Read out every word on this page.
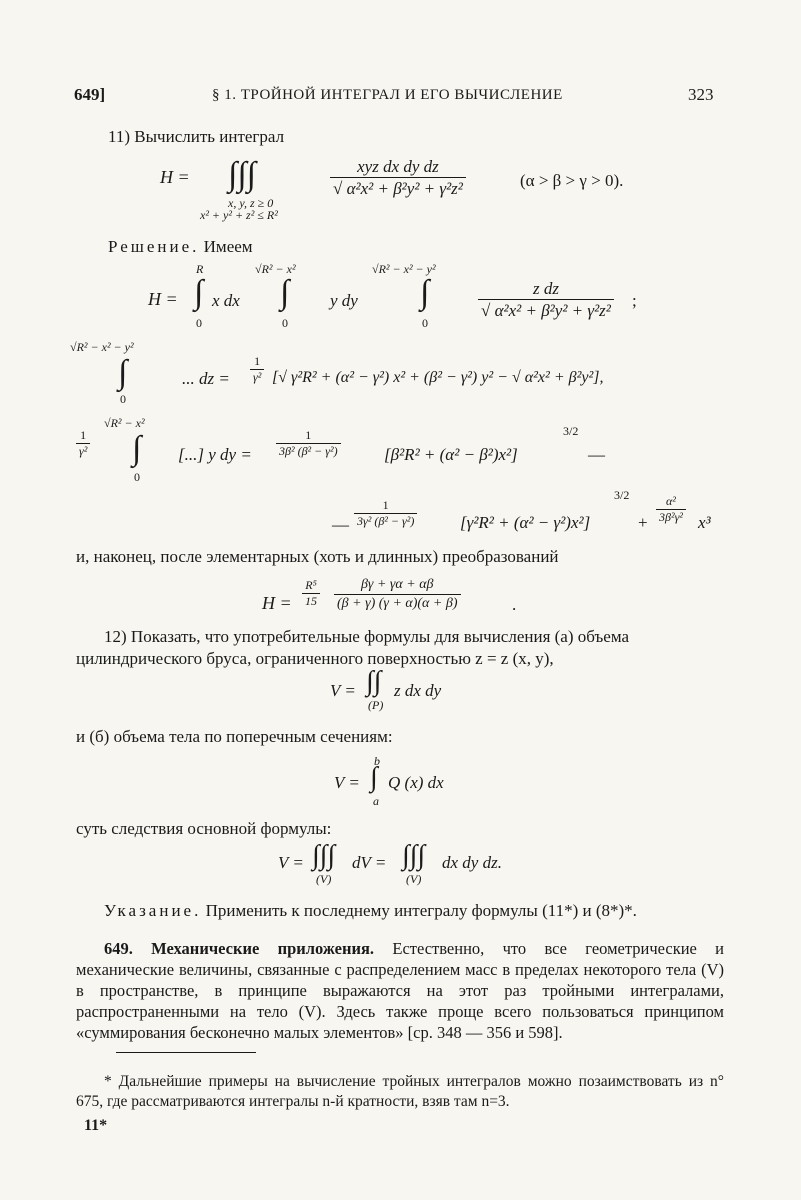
649]	§ 1. ТРОЙНОЙ ИНТЕГРАЛ И ЕГО ВЫЧИСЛЕНИЕ	323
11) Вычислить интеграл
H = ∫∫∫
x, y, z ≥ 0
x² + y² + z² ≤ R²
$\frac{\text{xyz dx dy dz}}{\text{√ α²x² + β²y² + γ²z²}}$	(α > β > γ > 0).
Решение. Имеем
H =
R
∫
0
x dx
√R² − x²
∫
0
y dy
√R² − x² − y²
∫
0
$\frac{\text{z dz}}{\text{√ α²x² + β²y² + γ²z²}}$ ;
√R² − x² − y²
∫
0
... dz = $\frac{1}{\text{γ²}}$ [√ γ²R² + (α² − γ²) x² + (β² − γ²) y² − √ α²x² + β²y²],
$\frac{1}{\text{γ²}}$
√R² − x²
∫
0
[...] y dy = $\frac{1}{\text{3β² (β² − γ²)}}$	[β²R² + (α² − β²)x²]
3/2
—
— $\frac{1}{\text{3γ² (β² − γ²)}}$	[γ²R² + (α² − γ²)x²]
3/2
+ $\frac{\text{α²}}{\text{3β²γ²}} x^3$
и, наконец, после элементарных (хоть и длинных) преобразований
$H = \frac{\text{R⁵}}{15} \frac{\beta\gamma + \gamma\alpha + \alpha\beta}{(\beta + \gamma) (\gamma + \alpha)(\alpha + \beta)}$	.
12) Показать, что употребительные формулы для вычисления (а) объема
цилиндрического бруса, ограниченного поверхностью z = z (x, y),
V = ∫∫
(P)
z dx dy
и (б) объема тела по поперечным сечениям:
V =
b
∫
a
Q (x) dx
суть следствия основной формулы:
V = ∫∫∫
(V)
dV = ∫∫∫
(V)
dx dy dz.
Указание. Применить к последнему интегралу формулы (11*) и (8*)*.
649. Механические приложения. Естественно, что все геометрические и механические величины, связанные с распределением масс в пределах некоторого тела (V) в пространстве, в принципе выражаются на этот раз тройными интегралами, распространенными на тело (V). Здесь также проще всего пользоваться принципом «суммирования бесконечно малых элементов» [ср. 348 — 356 и 598].
* Дальнейшие примеры на вычисление тройных интегралов можно позаимствовать из n° 675, где рассматриваются интегралы n-й кратности, взяв там n=3.
11*
